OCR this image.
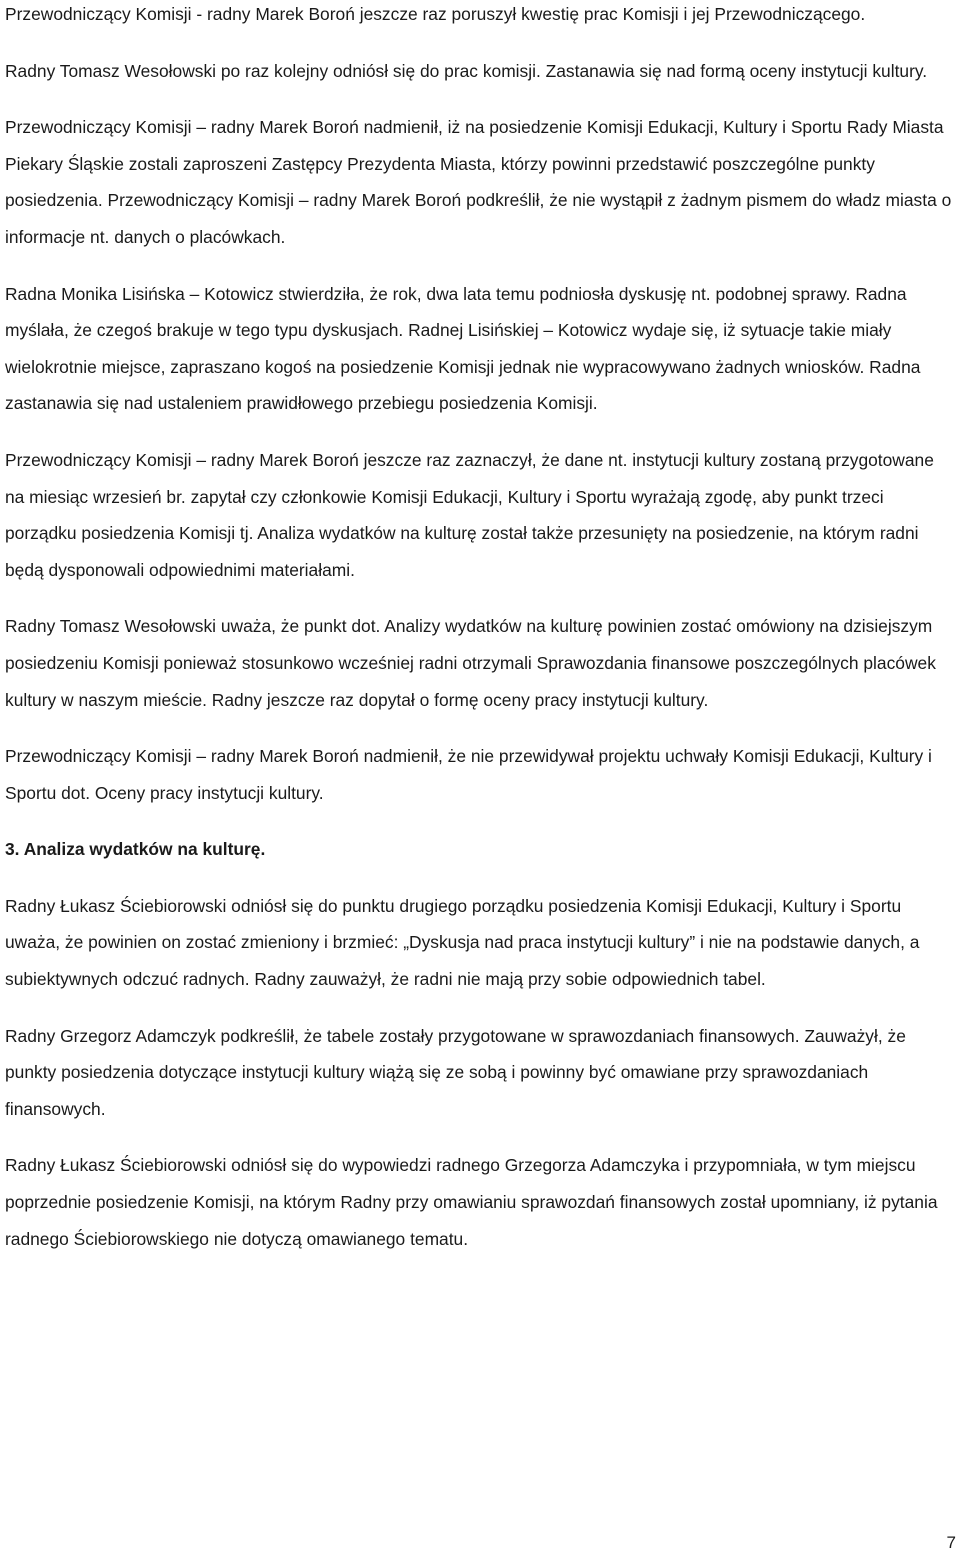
Przewodniczący Komisji - radny Marek Boroń jeszcze raz poruszył kwestię prac Komisji i jej Przewodniczącego.

Radny Tomasz Wesołowski po raz kolejny odniósł się do prac komisji. Zastanawia się nad formą oceny instytucji kultury.

Przewodniczący Komisji – radny Marek Boroń nadmienił, iż na posiedzenie Komisji Edukacji, Kultury i Sportu Rady Miasta Piekary Śląskie zostali zaproszeni Zastępcy Prezydenta Miasta, którzy powinni przedstawić poszczególne punkty posiedzenia. Przewodniczący Komisji – radny Marek Boroń podkreślił, że nie wystąpił z żadnym pismem do władz miasta o informacje nt. danych o placówkach.

Radna Monika Lisińska – Kotowicz stwierdziła, że rok, dwa lata temu podniosła dyskusję nt. podobnej sprawy. Radna myślała, że czegoś brakuje w tego typu dyskusjach. Radnej Lisińskiej – Kotowicz wydaje się, iż sytuacje takie miały wielokrotnie miejsce, zapraszano kogoś na posiedzenie Komisji jednak nie wypracowywano żadnych wniosków. Radna zastanawia się nad ustaleniem prawidłowego przebiegu posiedzenia Komisji.

Przewodniczący Komisji – radny Marek Boroń jeszcze raz zaznaczył, że dane nt. instytucji kultury zostaną przygotowane na miesiąc wrzesień br. zapytał czy członkowie Komisji Edukacji, Kultury i Sportu wyrażają zgodę, aby punkt trzeci porządku posiedzenia Komisji tj. Analiza wydatków na kulturę został także przesunięty na posiedzenie, na którym radni będą dysponowali odpowiednimi materiałami.

Radny Tomasz Wesołowski uważa, że punkt dot. Analizy wydatków na kulturę powinien zostać omówiony na dzisiejszym posiedzeniu Komisji ponieważ stosunkowo wcześniej radni otrzymali Sprawozdania finansowe poszczególnych placówek kultury w naszym mieście. Radny jeszcze raz dopytał o formę oceny pracy instytucji kultury.

Przewodniczący Komisji – radny Marek Boroń nadmienił, że nie przewidywał projektu uchwały Komisji Edukacji, Kultury i Sportu dot. Oceny pracy instytucji kultury.

3. Analiza wydatków na kulturę.

Radny Łukasz Ściebiorowski odniósł się do punktu drugiego porządku posiedzenia Komisji Edukacji, Kultury i Sportu uważa, że powinien on zostać zmieniony i brzmieć: „Dyskusja nad praca instytucji kultury” i nie na podstawie danych, a subiektywnych odczuć radnych. Radny zauważył, że radni nie mają przy sobie odpowiednich tabel.

Radny Grzegorz Adamczyk podkreślił, że tabele zostały przygotowane w sprawozdaniach finansowych. Zauważył, że punkty posiedzenia dotyczące instytucji kultury wiążą się ze sobą i powinny być omawiane przy sprawozdaniach finansowych.

Radny Łukasz Ściebiorowski odniósł się do wypowiedzi radnego Grzegorza Adamczyka i przypomniała, w tym miejscu poprzednie posiedzenie Komisji, na którym Radny przy omawianiu sprawozdań finansowych został upomniany, iż pytania radnego Ściebiorowskiego nie dotyczą omawianego tematu.

7
